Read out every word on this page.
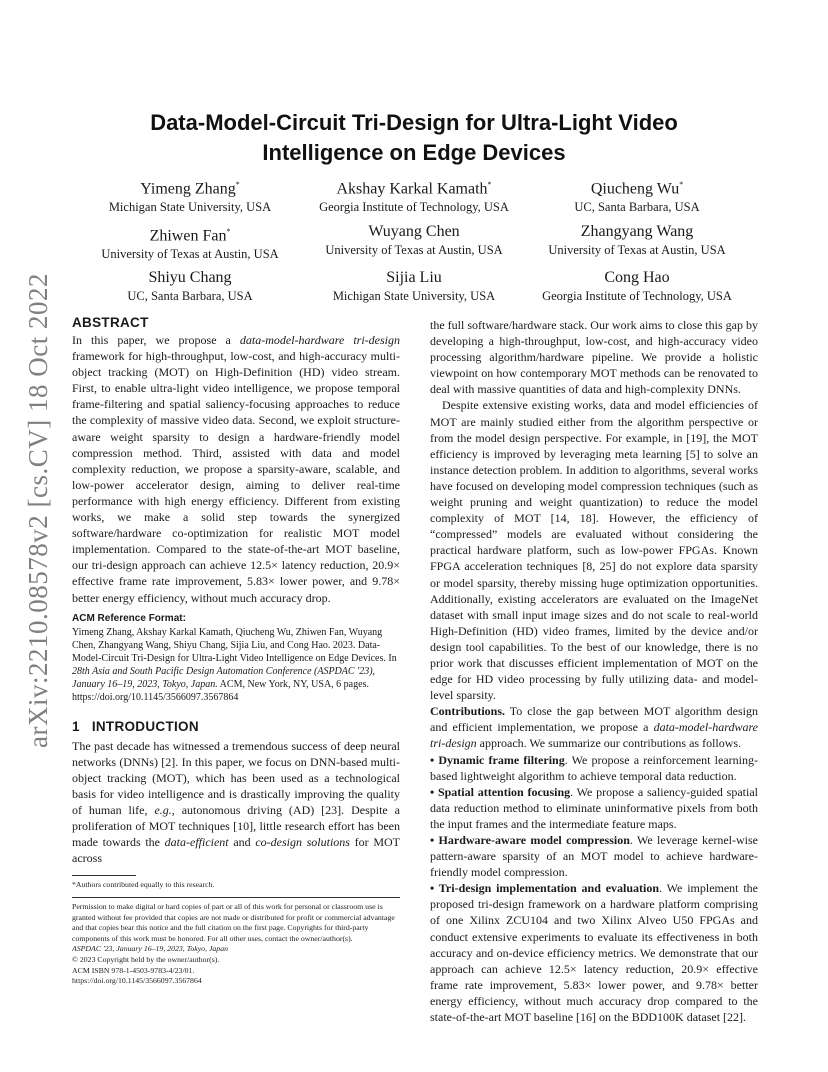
arXiv:2210.08578v2 [cs.CV] 18 Oct 2022
Data-Model-Circuit Tri-Design for Ultra-Light Video
Intelligence on Edge Devices
Yimeng Zhang*
Michigan State University, USA
Akshay Karkal Kamath*
Georgia Institute of Technology, USA
Qiucheng Wu*
UC, Santa Barbara, USA
Zhiwen Fan*
University of Texas at Austin, USA
Wuyang Chen
University of Texas at Austin, USA
Zhangyang Wang
University of Texas at Austin, USA
Shiyu Chang
UC, Santa Barbara, USA
Sijia Liu
Michigan State University, USA
Cong Hao
Georgia Institute of Technology, USA
ABSTRACT

In this paper, we propose a data-model-hardware tri-design framework for high-throughput, low-cost, and high-accuracy multi-object tracking (MOT) on High-Definition (HD) video stream. First, to enable ultra-light video intelligence, we propose temporal frame-filtering and spatial saliency-focusing approaches to reduce the complexity of massive video data. Second, we exploit structure-aware weight sparsity to design a hardware-friendly model compression method. Third, assisted with data and model complexity reduction, we propose a sparsity-aware, scalable, and low-power accelerator design, aiming to deliver real-time performance with high energy efficiency. Different from existing works, we make a solid step towards the synergized software/hardware co-optimization for realistic MOT model implementation. Compared to the state-of-the-art MOT baseline, our tri-design approach can achieve 12.5× latency reduction, 20.9× effective frame rate improvement, 5.83× lower power, and 9.78× better energy efficiency, without much accuracy drop.

ACM Reference Format:

Yimeng Zhang, Akshay Karkal Kamath, Qiucheng Wu, Zhiwen Fan, Wuyang Chen, Zhangyang Wang, Shiyu Chang, Sijia Liu, and Cong Hao. 2023. Data-Model-Circuit Tri-Design for Ultra-Light Video Intelligence on Edge Devices. In 28th Asia and South Pacific Design Automation Conference (ASPDAC '23), January 16–19, 2023, Tokyo, Japan. ACM, New York, NY, USA, 6 pages. https://doi.org/10.1145/3566097.3567864

1 INTRODUCTION

The past decade has witnessed a tremendous success of deep neural networks (DNNs) [2]. In this paper, we focus on DNN-based multi-object tracking (MOT), which has been used as a technological basis for video intelligence and is drastically improving the quality of human life, e.g., autonomous driving (AD) [23]. Despite a proliferation of MOT techniques [10], little research effort has been made towards the data-efficient and co-design solutions for MOT across

*Authors contributed equally to this research.

Permission to make digital or hard copies of part or all of this work for personal or classroom use is granted without fee provided that copies are not made or distributed for profit or commercial advantage and that copies bear this notice and the full citation on the first page. Copyrights for third-party components of this work must be honored. For all other uses, contact the owner/author(s).

ASPDAC '23, January 16–19, 2023, Tokyo, Japan

© 2023 Copyright held by the owner/author(s).

ACM ISBN 978-1-4503-9783-4/23/01.

https://doi.org/10.1145/3566097.3567864

the full software/hardware stack. Our work aims to close this gap by developing a high-throughput, low-cost, and high-accuracy video processing algorithm/hardware pipeline. We provide a holistic viewpoint on how contemporary MOT methods can be renovated to deal with massive quantities of data and high-complexity DNNs.

Despite extensive existing works, data and model efficiencies of MOT are mainly studied either from the algorithm perspective or from the model design perspective. For example, in [19], the MOT efficiency is improved by leveraging meta learning [5] to solve an instance detection problem. In addition to algorithms, several works have focused on developing model compression techniques (such as weight pruning and weight quantization) to reduce the model complexity of MOT [14, 18]. However, the efficiency of “compressed” models are evaluated without considering the practical hardware platform, such as low-power FPGAs. Known FPGA acceleration techniques [8, 25] do not explore data sparsity or model sparsity, thereby missing huge optimization opportunities. Additionally, existing accelerators are evaluated on the ImageNet dataset with small input image sizes and do not scale to real-world High-Definition (HD) video frames, limited by the device and/or design tool capabilities. To the best of our knowledge, there is no prior work that discusses efficient implementation of MOT on the edge for HD video processing by fully utilizing data- and model-level sparsity.

Contributions. To close the gap between MOT algorithm design and efficient implementation, we propose a data-model-hardware tri-design approach. We summarize our contributions as follows.

• Dynamic frame filtering. We propose a reinforcement learning-based lightweight algorithm to achieve temporal data reduction.

• Spatial attention focusing. We propose a saliency-guided spatial data reduction method to eliminate uninformative pixels from both the input frames and the intermediate feature maps.

• Hardware-aware model compression. We leverage kernel-wise pattern-aware sparsity of an MOT model to achieve hardware-friendly model compression.

• Tri-design implementation and evaluation. We implement the proposed tri-design framework on a hardware platform comprising of one Xilinx ZCU104 and two Xilinx Alveo U50 FPGAs and conduct extensive experiments to evaluate its effectiveness in both accuracy and on-device efficiency metrics. We demonstrate that our approach can achieve 12.5× latency reduction, 20.9× effective frame rate improvement, 5.83× lower power, and 9.78× better energy efficiency, without much accuracy drop compared to the state-of-the-art MOT baseline [16] on the BDD100K dataset [22].
